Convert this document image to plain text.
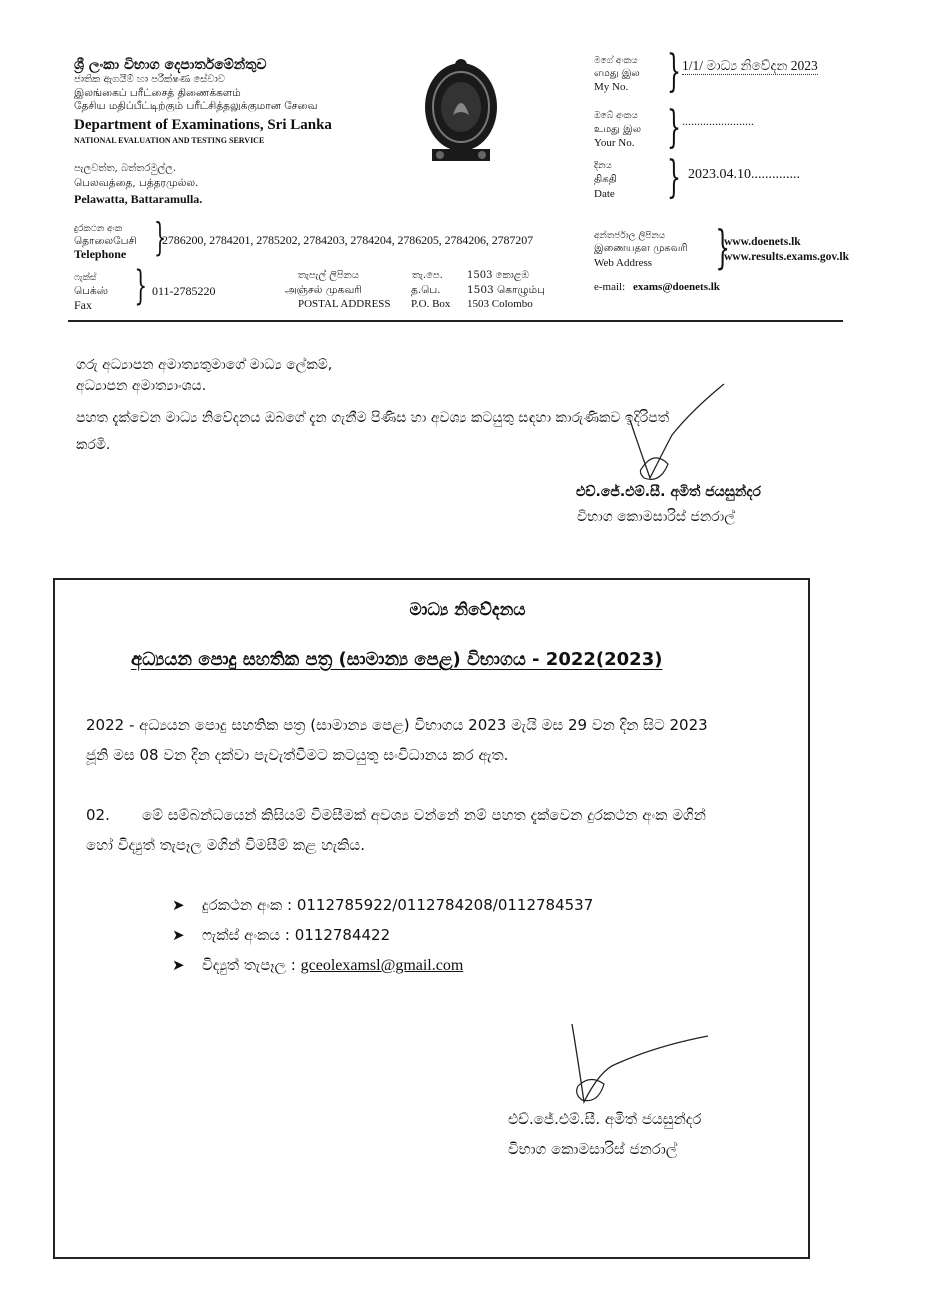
ශ්‍රී ලංකා විභාග දෙපාර්තමේන්තුව
ජාතික ඇගයීම් හා පරීක්ෂණ සේවාව
இலங்கைப் பரீட்சைத் திணைக்களம்
தேசிய மதிப்பீட்டிற்கும் பரீட்சித்தலுக்குமான சேவை
Department of Examinations, Sri Lanka
NATIONAL EVALUATION AND TESTING SERVICE
පැලවත්ත, බත්තරමුල්ල.
பெலவத்தை, பத்தரமுல்ல.
Pelawatta, Battaramulla.
දුරකථන අංක
தொலைபேசி
Telephone }
2786200, 2784201, 2785202, 2784203, 2784204, 2786205, 2784206, 2787207
ෆැක්ස්
பெக்ஸ்
Fax } 011-2785220
තැපැල් ලිපිනය
அஞ்சல் முகவரி
POSTAL ADDRESS
තැ.පෙ.
த.பெ.
P.O. Box
1503 කොළඹ
1503 கொழும்பு
1503 Colombo
මගේ අංකය
எமது இல
My No. } 1/1/ මාධ්‍ය නිවේදන 2023
ඔබේ අංකය
உமது இல
Your No. } ........................
දිනය
திகதி
Date } 2023.04.10..............
අන්තර්ජාල ලිපිනය
இணையதள முகவரி
Web Address }
www.doenets.lk
www.results.exams.gov.lk
e-mail: exams@doenets.lk
ගරු අධ්‍යාපන අමාත්‍යතුමාගේ මාධ්‍ය ලේකම්,
අධ්‍යාපන අමාත්‍යාංශය.
පහත දැක්වෙන මාධ්‍ය නිවේදනය ඔබගේ දැන ගැනීම පිණිස හා අවශ්‍ය කටයුතු සඳහා කාරුණිකව ඉදිරිපත්
කරමි.
එච්.ජේ.එම්.සී. අමිත් ජයසුන්දර
විභාග කොමසාරිස් ජනරාල්
මාධ්‍ය නිවේදනය
අධ්‍යයන පොදු සහතික පත්‍ර (සාමාන්‍ය පෙළ) විභාගය - 2022(2023)
2022 - අධ්‍යයන පොදු සහතික පත්‍ර (සාමාන්‍ය පෙළ) විභාගය 2023 මැයි මස 29 වන දින සිට 2023
ජූනි මස 08 වන දින දක්වා පැවැත්වීමට කටයුතු සංවිධානය කර ඇත.
02. මේ සම්බන්ධයෙන් කිසියම් විමසීමක් අවශ්‍ය වන්නේ නම් පහත දැක්වෙන දුරකථන අංක මගින්
හෝ විද්‍යුත් තැපෑල මගින් විමසීම් කළ හැකිය.
➤ දුරකථන අංක : 0112785922/0112784208/0112784537
➤ ෆැක්ස් අංකය : 0112784422
➤ විද්‍යුත් තැපෑල : gceolexamsl@gmail.com
එච්.ජේ.එම්.සී. අමිත් ජයසුන්දර
විභාග කොමසාරිස් ජනරාල්
